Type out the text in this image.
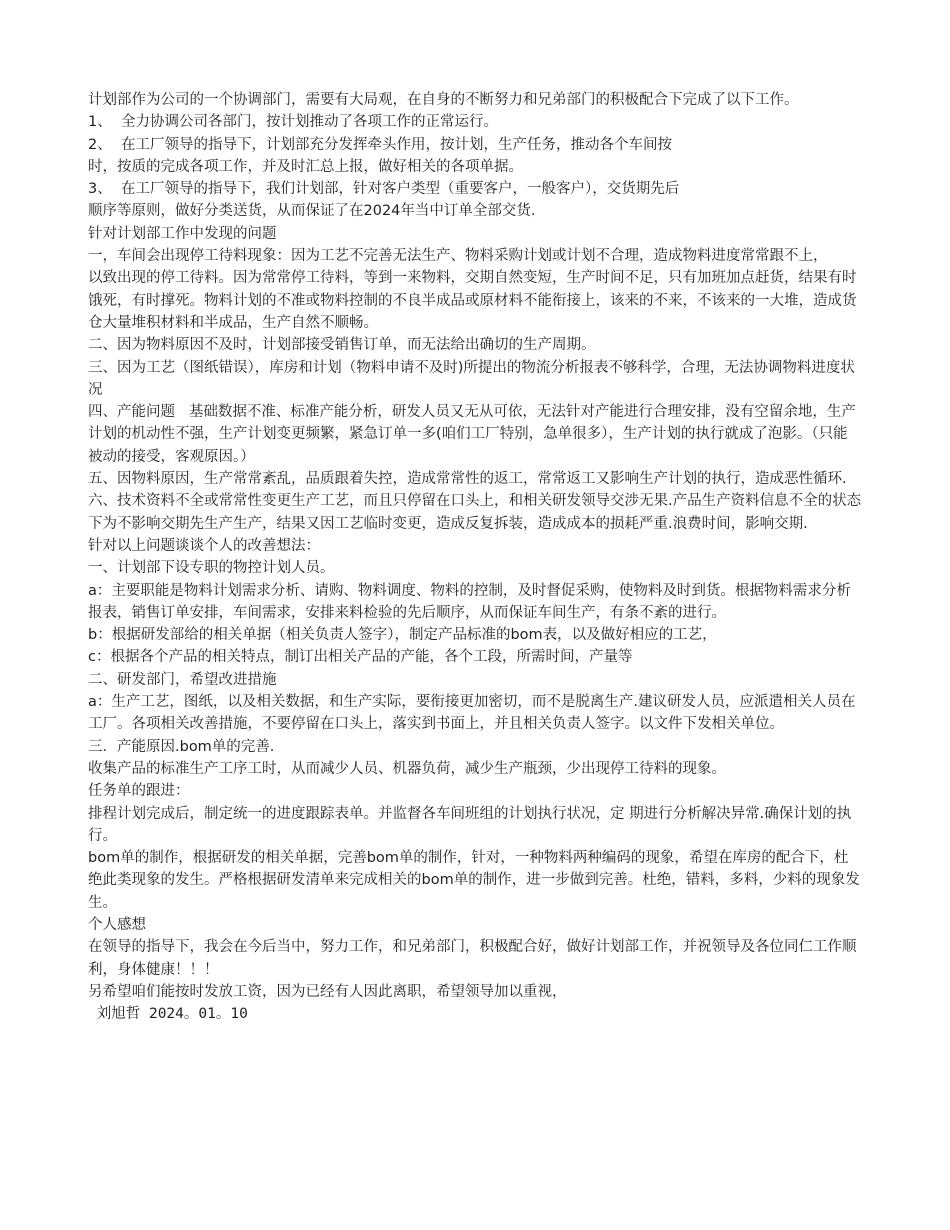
计划部作为公司的一个协调部门，需要有大局观，在自身的不断努力和兄弟部门的积极配合下完成了以下工作。

1、  全力协调公司各部门，按计划推动了各项工作的正常运行。

2、  在工厂领导的指导下，计划部充分发挥牵头作用，按计划，生产任务，推动各个车间按

时，按质的完成各项工作，并及时汇总上报，做好相关的各项单据。

3、  在工厂领导的指导下，我们计划部，针对客户类型（重要客户，一般客户），交货期先后

顺序等原则，做好分类送货，从而保证了在2024年当中订单全部交货.

针对计划部工作中发现的问题

一，车间会出现停工待料现象：因为工艺不完善无法生产、物料采购计划或计划不合理，造成物料进度常常跟不上，

以致出现的停工待料。因为常常停工待料，等到一来物料，交期自然变短，生产时间不足，只有加班加点赶货，结果有时饿死，有时撑死。物料计划的不准或物料控制的不良半成品或原材料不能衔接上，该来的不来，不该来的一大堆，造成货仓大量堆积材料和半成品，生产自然不顺畅。

二、因为物料原因不及时，计划部接受销售订单，而无法给出确切的生产周期。

三、因为工艺（图纸错误），库房和计划（物料申请不及时)所提出的物流分析报表不够科学，合理，无法协调物料进度状况

四、产能问题   基础数据不准、标准产能分析，研发人员又无从可依，无法针对产能进行合理安排，没有空留余地，生产计划的机动性不强，生产计划变更频繁，紧急订单一多(咱们工厂特别，急单很多），生产计划的执行就成了泡影。（只能被动的接受，客观原因。）

五、因物料原因，生产常常紊乱，品质跟着失控，造成常常性的返工，常常返工又影响生产计划的执行，造成恶性循环.

六、技术资料不全或常常性变更生产工艺，而且只停留在口头上，和相关研发领导交涉无果.产品生产资料信息不全的状态下为不影响交期先生产生产，结果又因工艺临时变更，造成反复拆装，造成成本的损耗严重.浪费时间，影响交期.

针对以上问题谈谈个人的改善想法：

一、计划部下设专职的物控计划人员。

a：主要职能是物料计划需求分析、请购、物料调度、物料的控制，及时督促采购，使物料及时到货。根据物料需求分析报表，销售订单安排，车间需求，安排来料检验的先后顺序，从而保证车间生产，有条不紊的进行。

b：根据研发部给的相关单据（相关负责人签字），制定产品标准的bom表，以及做好相应的工艺，

c：根据各个产品的相关特点，制订出相关产品的产能，各个工段，所需时间，产量等

二、研发部门，希望改进措施

a：生产工艺，图纸，以及相关数据，和生产实际，要衔接更加密切，而不是脱离生产.建议研发人员，应派遣相关人员在工厂。各项相关改善措施，不要停留在口头上，落实到书面上，并且相关负责人签字。以文件下发相关单位。

三．产能原因.bom单的完善.

收集产品的标准生产工序工时，从而减少人员、机器负荷，减少生产瓶颈，少出现停工待料的现象。

任务单的跟进：

排程计划完成后，制定统一的进度跟踪表单。并监督各车间班组的计划执行状况，定 期进行分析解决异常.确保计划的执行。

bom单的制作，根据研发的相关单据，完善bom单的制作，针对，一种物料两种编码的现象，希望在库房的配合下，杜绝此类现象的发生。严格根据研发清单来完成相关的bom单的制作，进一步做到完善。杜绝，错料，多料，少料的现象发生。

个人感想

在领导的指导下，我会在今后当中，努力工作，和兄弟部门，积极配合好，做好计划部工作，并祝领导及各位同仁工作顺利，身体健康！！！

另希望咱们能按时发放工资，因为已经有人因此离职，希望领导加以重视，

刘旭哲 2024。01。10
